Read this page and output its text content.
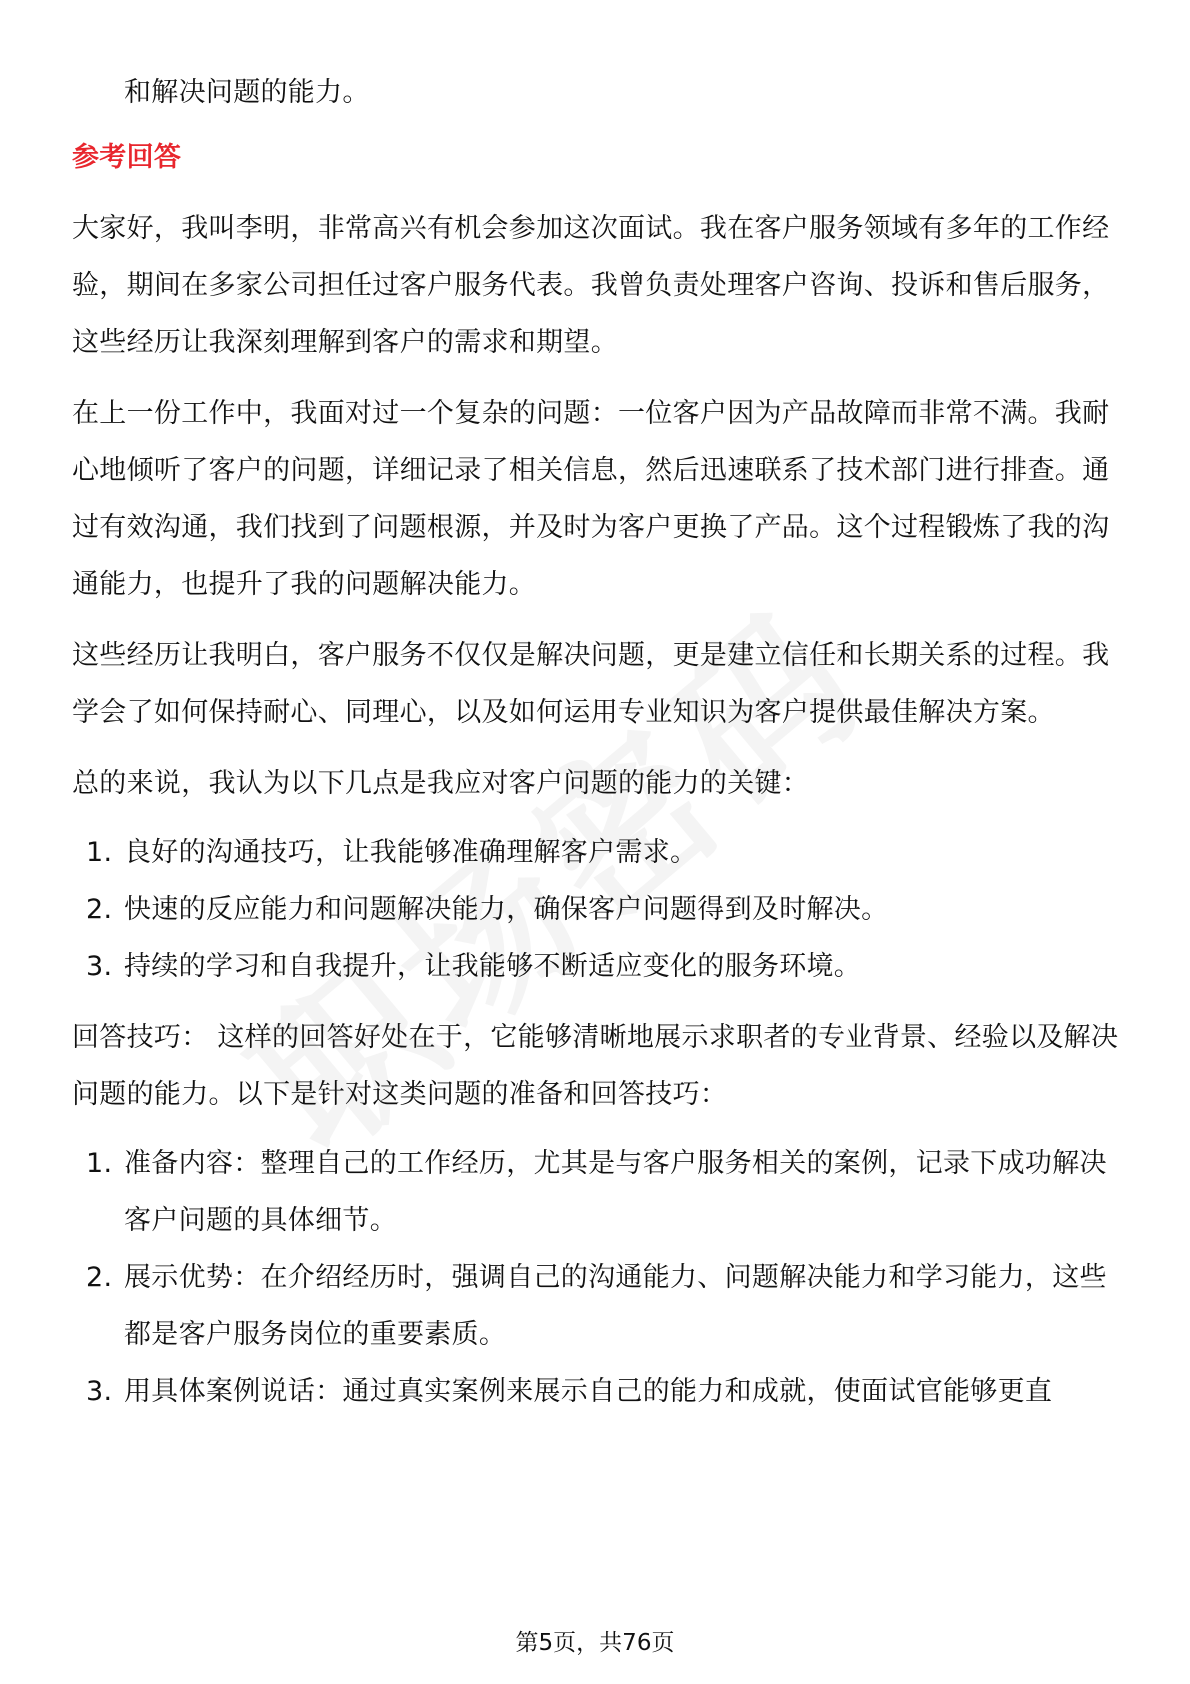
和解决问题的能力。
参考回答

大家好，我叫李明，非常高兴有机会参加这次面试。我在客户服务领域有多年的工作经验，期间在多家公司担任过客户服务代表。我曾负责处理客户咨询、投诉和售后服务，这些经历让我深刻理解到客户的需求和期望。

在上一份工作中，我面对过一个复杂的问题：一位客户因为产品故障而非常不满。我耐心地倾听了客户的问题，详细记录了相关信息，然后迅速联系了技术部门进行排查。通过有效沟通，我们找到了问题根源，并及时为客户更换了产品。这个过程锻炼了我的沟通能力，也提升了我的问题解决能力。

这些经历让我明白，客户服务不仅仅是解决问题，更是建立信任和长期关系的过程。我学会了如何保持耐心、同理心，以及如何运用专业知识为客户提供最佳解决方案。

总的来说，我认为以下几点是我应对客户问题的能力的关键：

1. 良好的沟通技巧，让我能够准确理解客户需求。
2. 快速的反应能力和问题解决能力，确保客户问题得到及时解决。
3. 持续的学习和自我提升，让我能够不断适应变化的服务环境。

回答技巧： 这样的回答好处在于，它能够清晰地展示求职者的专业背景、经验以及解决问题的能力。以下是针对这类问题的准备和回答技巧：

1. 准备内容：整理自己的工作经历，尤其是与客户服务相关的案例，记录下成功解决客户问题的具体细节。
2. 展示优势：在介绍经历时，强调自己的沟通能力、问题解决能力和学习能力，这些都是客户服务岗位的重要素质。
3. 用具体案例说话：通过真实案例来展示自己的能力和成就，使面试官能够更直
第5页，共76页
